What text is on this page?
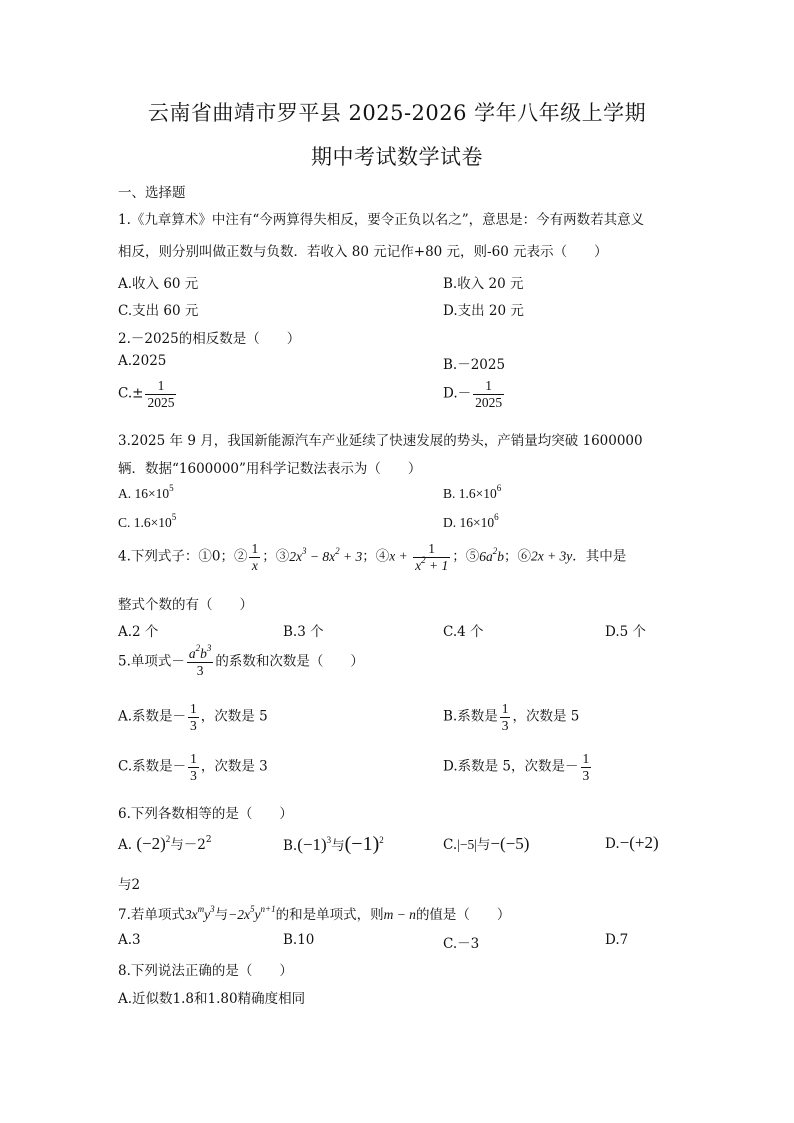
云南省曲靖市罗平县 2025-2026 学年八年级上学期
期中考试数学试卷
一、选择题
1.《九章算术》中注有“今两算得失相反，要令正负以名之”，意思是：今有两数若其意义
相反，则分别叫做正数与负数．若收入 80 元记作+80 元，则-60 元表示（　　）
A.收入 60 元	B.收入 20 元
C.支出 60 元	D.支出 20 元
2.－2025的相反数是（　　）
A.2025	B.－2025
$C.\pm \frac{1}{2025}$	$D.- \frac{1}{2025}$
3.2025 年 9 月，我国新能源汽车产业延续了快速发展的势头，产销量均突破 1600000
辆．数据“1600000”用科学记数法表示为（　　）
A. $16\times 10^5$	B. $1.6\times 10^6$
C. $1.6\times 10^5$	D. $16\times 10^6$
4.下列式子：①0；② $\frac{1}{x}$ ；$③2x^3 - 8x^2 + 3$；④x + $\frac{1}{x^2 + 1}$ ；$⑤6a^2b$；⑥2x + 3y．其中是
整式个数的有（　　）
A.2 个	B.3 个	C.4 个	D.5 个
5.单项式－ $\frac{a^2b^3}{3}$ 的系数和次数是（　　）
A.系数是－ $\frac{1}{3}$ ，次数是 5	B.系数是 $\frac{1}{3}$ ，次数是 5
C.系数是－ $\frac{1}{3}$ ，次数是 3	D.系数是 5，次数是－ $\frac{1}{3}$
6.下列各数相等的是（　　）
A. $(-2)^2$与$-2^2$	$B.(-1)^3$与$(-1)^2$	C.|−5|与−(−5)	D.−(+2)
与2
7.若单项式$3x^my^3$与$-2x^5y^{n+1}$的和是单项式，则m − n的值是（　　）
A.3	B.10	C.－3	D.7
8.下列说法正确的是（　　）
A.近似数1.8和1.80精确度相同
